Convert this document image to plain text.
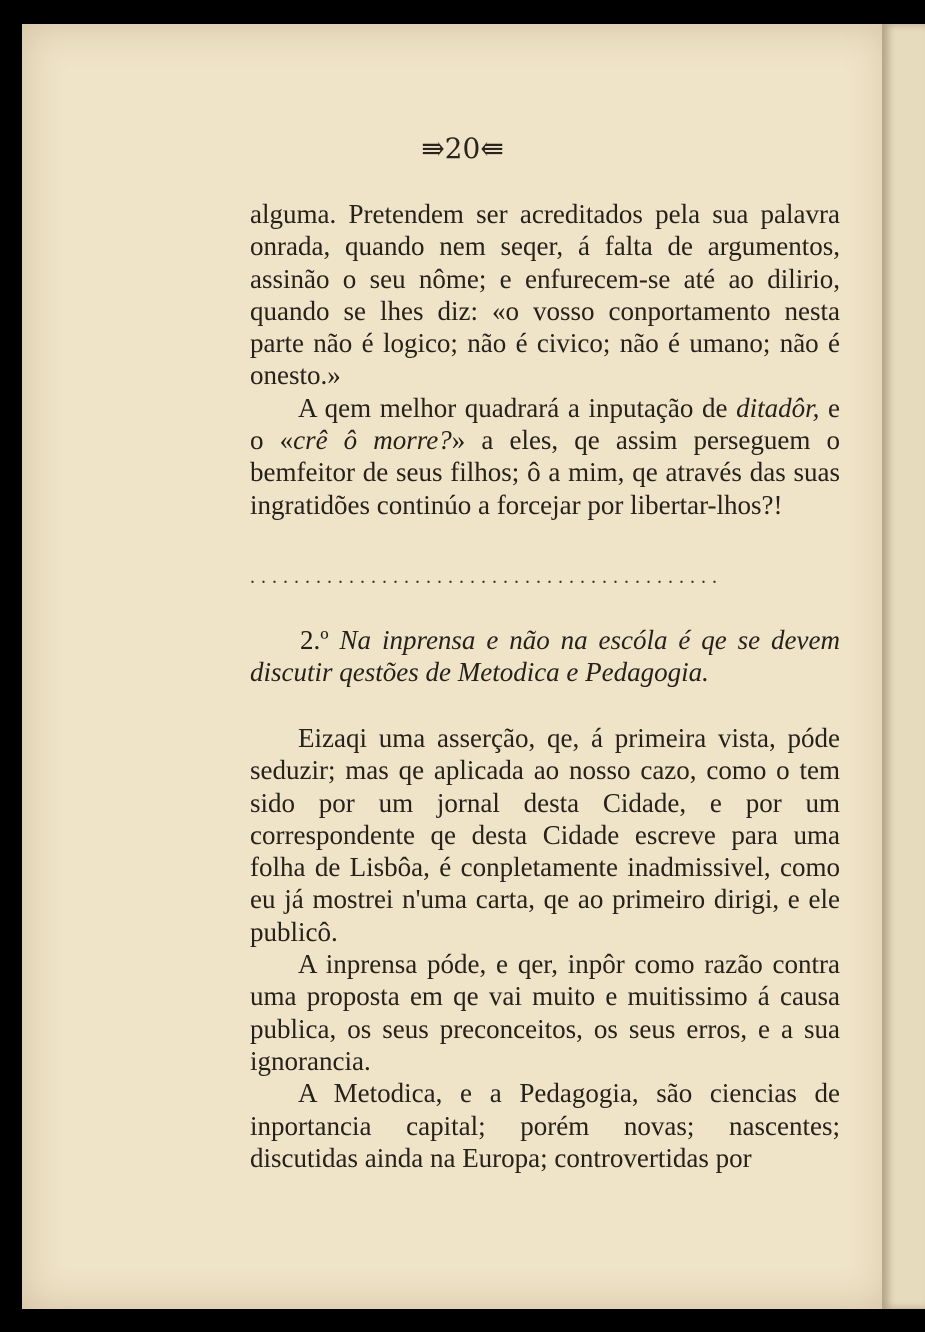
⇛20⇚

alguma. Pretendem ser acreditados pela sua palavra onrada, quando nem seqer, á falta de argumentos, assinão o seu nôme; e enfurecem-se até ao dilirio, quando se lhes diz: «o vosso conportamento nesta parte não é logico; não é civico; não é umano; não é onesto.»

A qem melhor quadrará a inputação de ditadôr, e o «crê ô morre?» a eles, qe assim perseguem o bemfeitor de seus filhos; ô a mim, qe através das suas ingratidões continúo a forcejar por libertar-lhos?!

...........................................
2.º Na inprensa e não na escóla é qe se devem discutir qestões de Metodica e Pedagogia.

Eizaqi uma asserção, qe, á primeira vista, póde seduzir; mas qe aplicada ao nosso cazo, como o tem sido por um jornal desta Cidade, e por um correspondente qe desta Cidade escreve para uma folha de Lisbôa, é conpletamente inadmissivel, como eu já mostrei n'uma carta, qe ao primeiro dirigi, e ele publicô.

A inprensa póde, e qer, inpôr como razão contra uma proposta em qe vai muito e muitissimo á causa publica, os seus preconceitos, os seus erros, e a sua ignorancia.

A Metodica, e a Pedagogia, são ciencias de inportancia capital; porém novas; nascentes; discutidas ainda na Europa; controvertidas por
